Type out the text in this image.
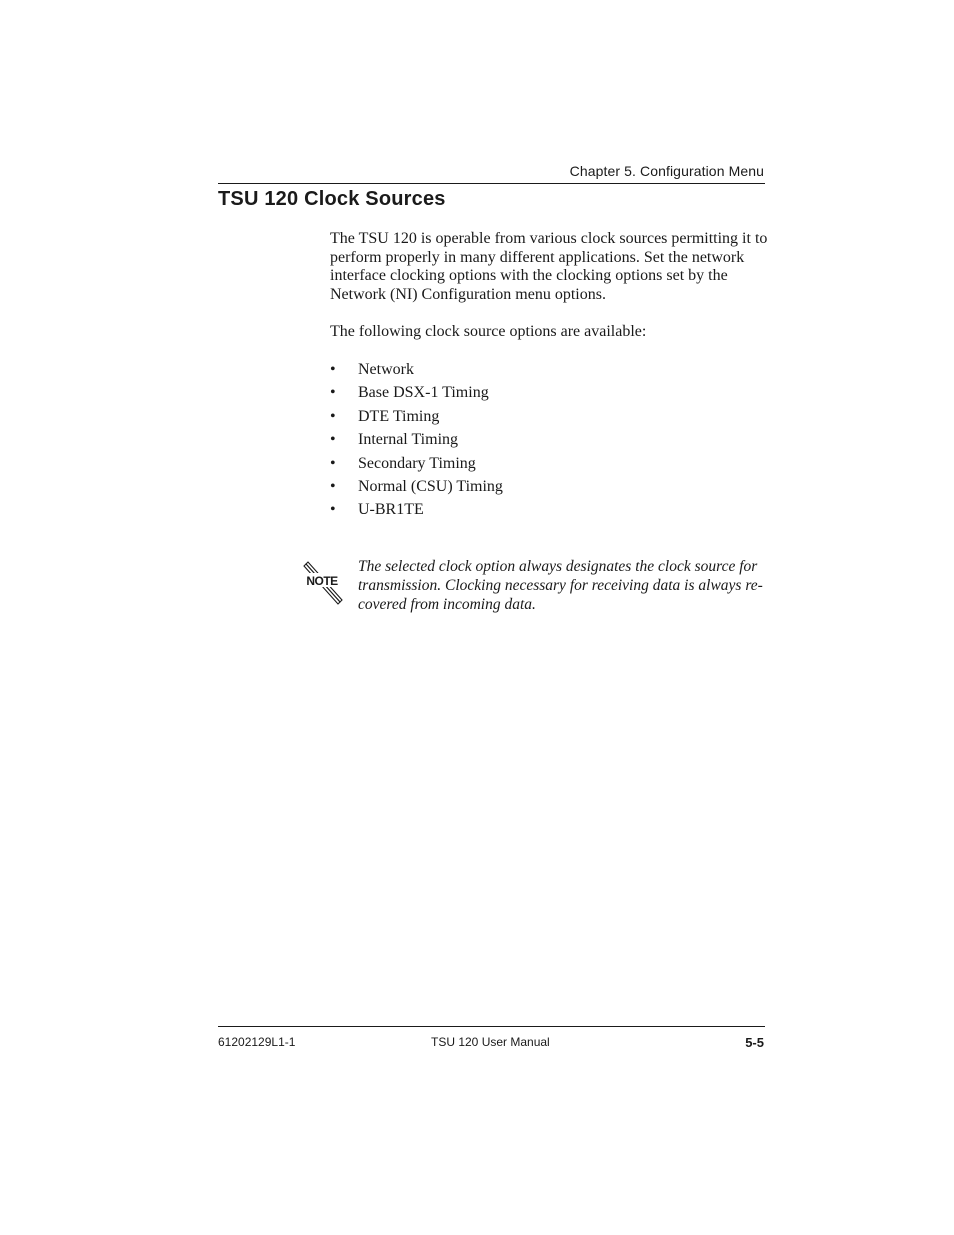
Chapter 5. Configuration Menu
TSU 120 Clock Sources

The TSU 120 is operable from various clock sources permitting it to perform properly in many different applications. Set the network interface clocking options with the clocking options set by the Network (NI) Configuration menu options.

The following clock source options are available:

• Network
• Base DSX-1 Timing
• DTE Timing
• Internal Timing
• Secondary Timing
• Normal (CSU) Timing
• U-BR1TE
NOTE

The selected clock option always designates the clock source for transmission. Clocking necessary for receiving data is always re-covered from incoming data.

61202129L1-1	TSU 120 User Manual	5-5
